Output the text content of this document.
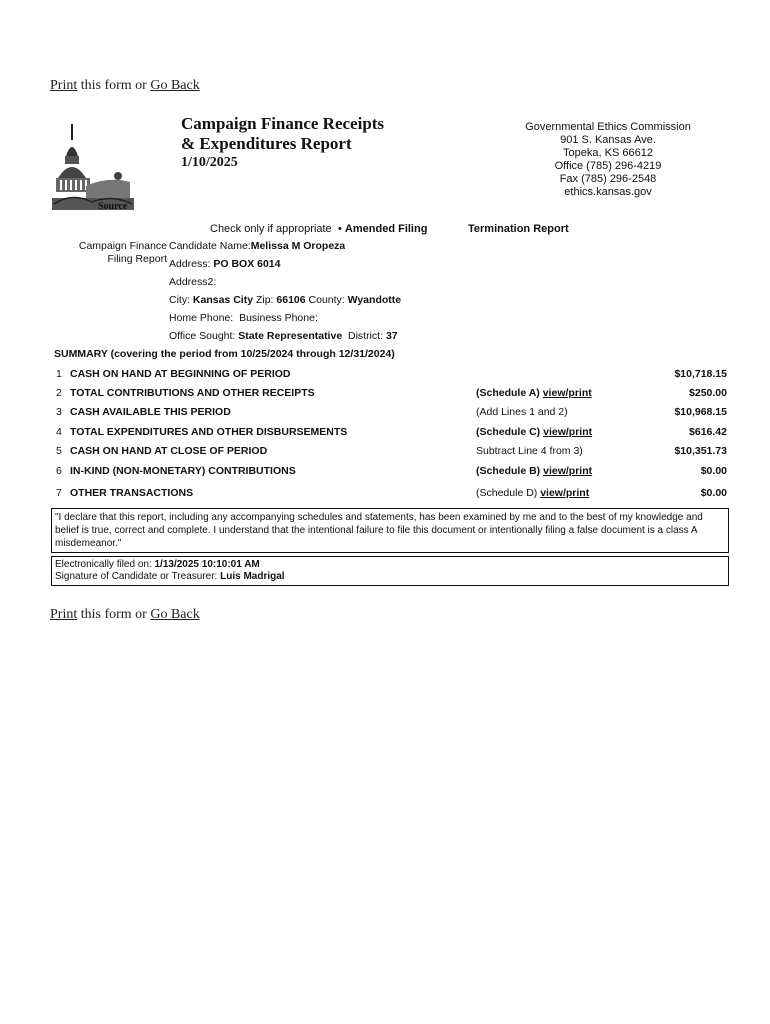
Print this form or Go Back
Source
Campaign Finance Receipts
& Expenditures Report
1/10/2025
Governmental Ethics Commission
901 S. Kansas Ave.
Topeka, KS 66612
Office (785) 296-4219
Fax (785) 296-2548
ethics.kansas.gov
Check only if appropriate • Amended Filing	Termination Report
Campaign Finance
Filing Report
Candidate Name:Melissa M Oropeza
Address: PO BOX 6014
Address2:
City: Kansas City Zip: 66106 County: Wyandotte
Home Phone: Business Phone:
Office Sought: State Representative District: 37
SUMMARY (covering the period from 10/25/2024 through 12/31/2024)
1 CASH ON HAND AT BEGINNING OF PERIOD	$10,718.15
2 TOTAL CONTRIBUTIONS AND OTHER RECEIPTS	(Schedule A) view/print	$250.00
3 CASH AVAILABLE THIS PERIOD	(Add Lines 1 and 2)	$10,968.15
4 TOTAL EXPENDITURES AND OTHER DISBURSEMENTS	(Schedule C) view/print	$616.42
5 CASH ON HAND AT CLOSE OF PERIOD	Subtract Line 4 from 3)	$10,351.73
6 IN-KIND (NON-MONETARY) CONTRIBUTIONS	(Schedule B) view/print	$0.00
7 OTHER TRANSACTIONS	(Schedule D) view/print	$0.00
"I declare that this report, including any accompanying schedules and statements, has been examined by me and to the best of my knowledge and belief is true, correct and complete. I understand that the intentional failure to file this document or intentionally filing a false document is a class A misdemeanor."
Electronically filed on: 1/13/2025 10:10:01 AM
Signature of Candidate or Treasurer: Luis Madrigal
Print this form or Go Back
